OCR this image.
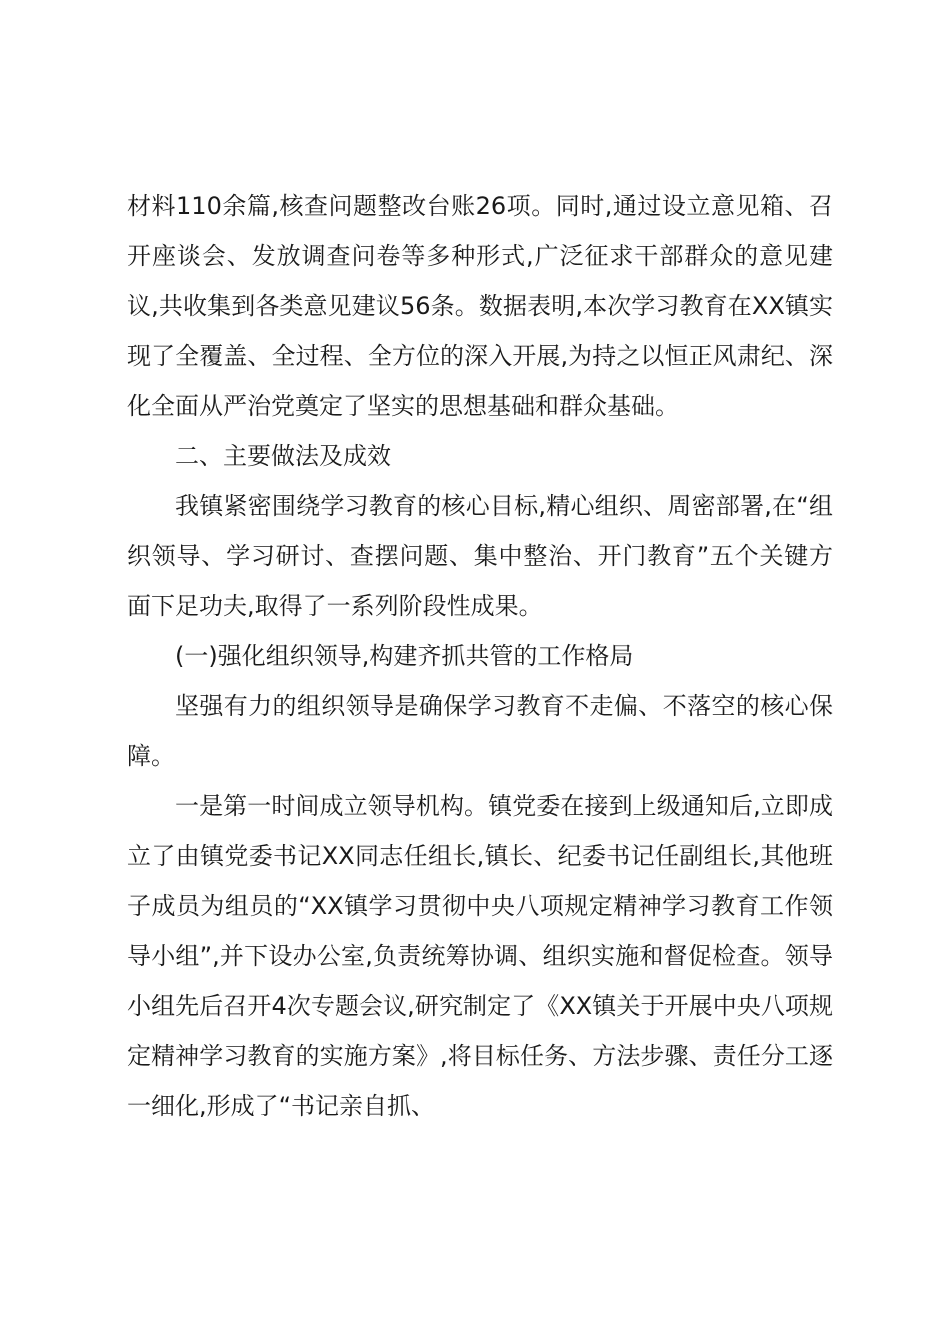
材料110余篇,核查问题整改台账26项。同时,通过设立意见箱、召开座谈会、发放调查问卷等多种形式,广泛征求干部群众的意见建议,共收集到各类意见建议56条。数据表明,本次学习教育在XX镇实现了全覆盖、全过程、全方位的深入开展,为持之以恒正风肃纪、深化全面从严治党奠定了坚实的思想基础和群众基础。

二、主要做法及成效

我镇紧密围绕学习教育的核心目标,精心组织、周密部署,在“组织领导、学习研讨、查摆问题、集中整治、开门教育”五个关键方面下足功夫,取得了一系列阶段性成果。

(一)强化组织领导,构建齐抓共管的工作格局

坚强有力的组织领导是确保学习教育不走偏、不落空的核心保障。

一是第一时间成立领导机构。镇党委在接到上级通知后,立即成立了由镇党委书记XX同志任组长,镇长、纪委书记任副组长,其他班子成员为组员的“XX镇学习贯彻中央八项规定精神学习教育工作领导小组”,并下设办公室,负责统筹协调、组织实施和督促检查。领导小组先后召开4次专题会议,研究制定了《XX镇关于开展中央八项规定精神学习教育的实施方案》,将目标任务、方法步骤、责任分工逐一细化,形成了“书记亲自抓、
